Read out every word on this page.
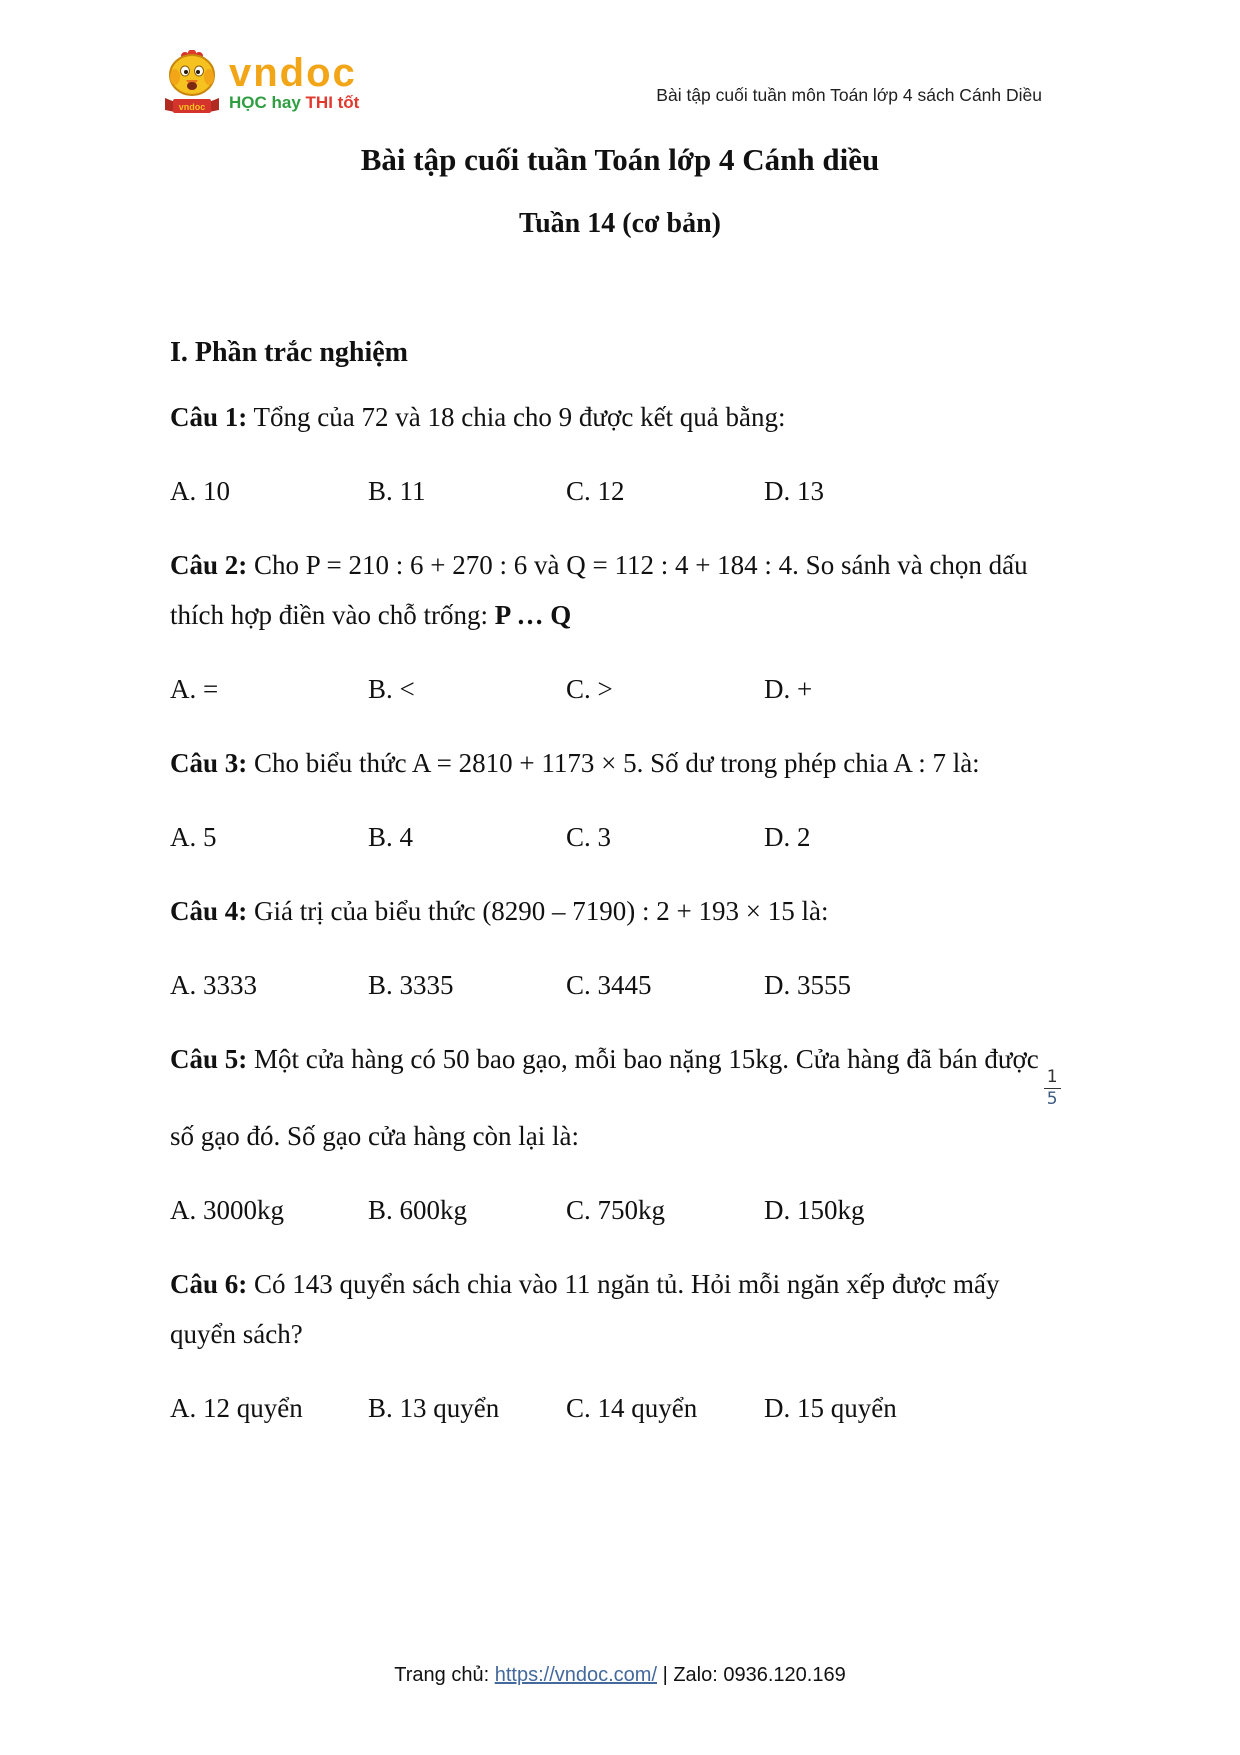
vndoc
vndoc
HỌC hay THI tốt	Bài tập cuối tuần môn Toán lớp 4 sách Cánh Diều
Bài tập cuối tuần Toán lớp 4 Cánh diều
Tuần 14 (cơ bản)

I. Phần trắc nghiệm

Câu 1: Tổng của 72 và 18 chia cho 9 được kết quả bằng:

A. 10	B. 11	C. 12	D. 13

Câu 2: Cho P = 210 : 6 + 270 : 6 và Q = 112 : 4 + 184 : 4. So sánh và chọn dấu thích hợp điền vào chỗ trống: P … Q

A. =	B. <	C. >	D. +

Câu 3: Cho biểu thức A = 2810 + 1173 × 5. Số dư trong phép chia A : 7 là:

A. 5	B. 4	C. 3	D. 2

Câu 4: Giá trị của biểu thức (8290 – 7190) : 2 + 193 × 15 là:

A. 3333	B. 3335	C. 3445	D. 3555

Câu 5: Một cửa hàng có 50 bao gạo, mỗi bao nặng 15kg. Cửa hàng đã bán được
$\frac{1}{5}$
số gạo đó. Số gạo cửa hàng còn lại là:

A. 3000kg	B. 600kg	C. 750kg	D. 150kg

Câu 6: Có 143 quyển sách chia vào 11 ngăn tủ. Hỏi mỗi ngăn xếp được mấy quyển sách?

A. 12 quyển	B. 13 quyển	C. 14 quyển	D. 15 quyển
Trang chủ: https://vndoc.com/ | Zalo: 0936.120.169
